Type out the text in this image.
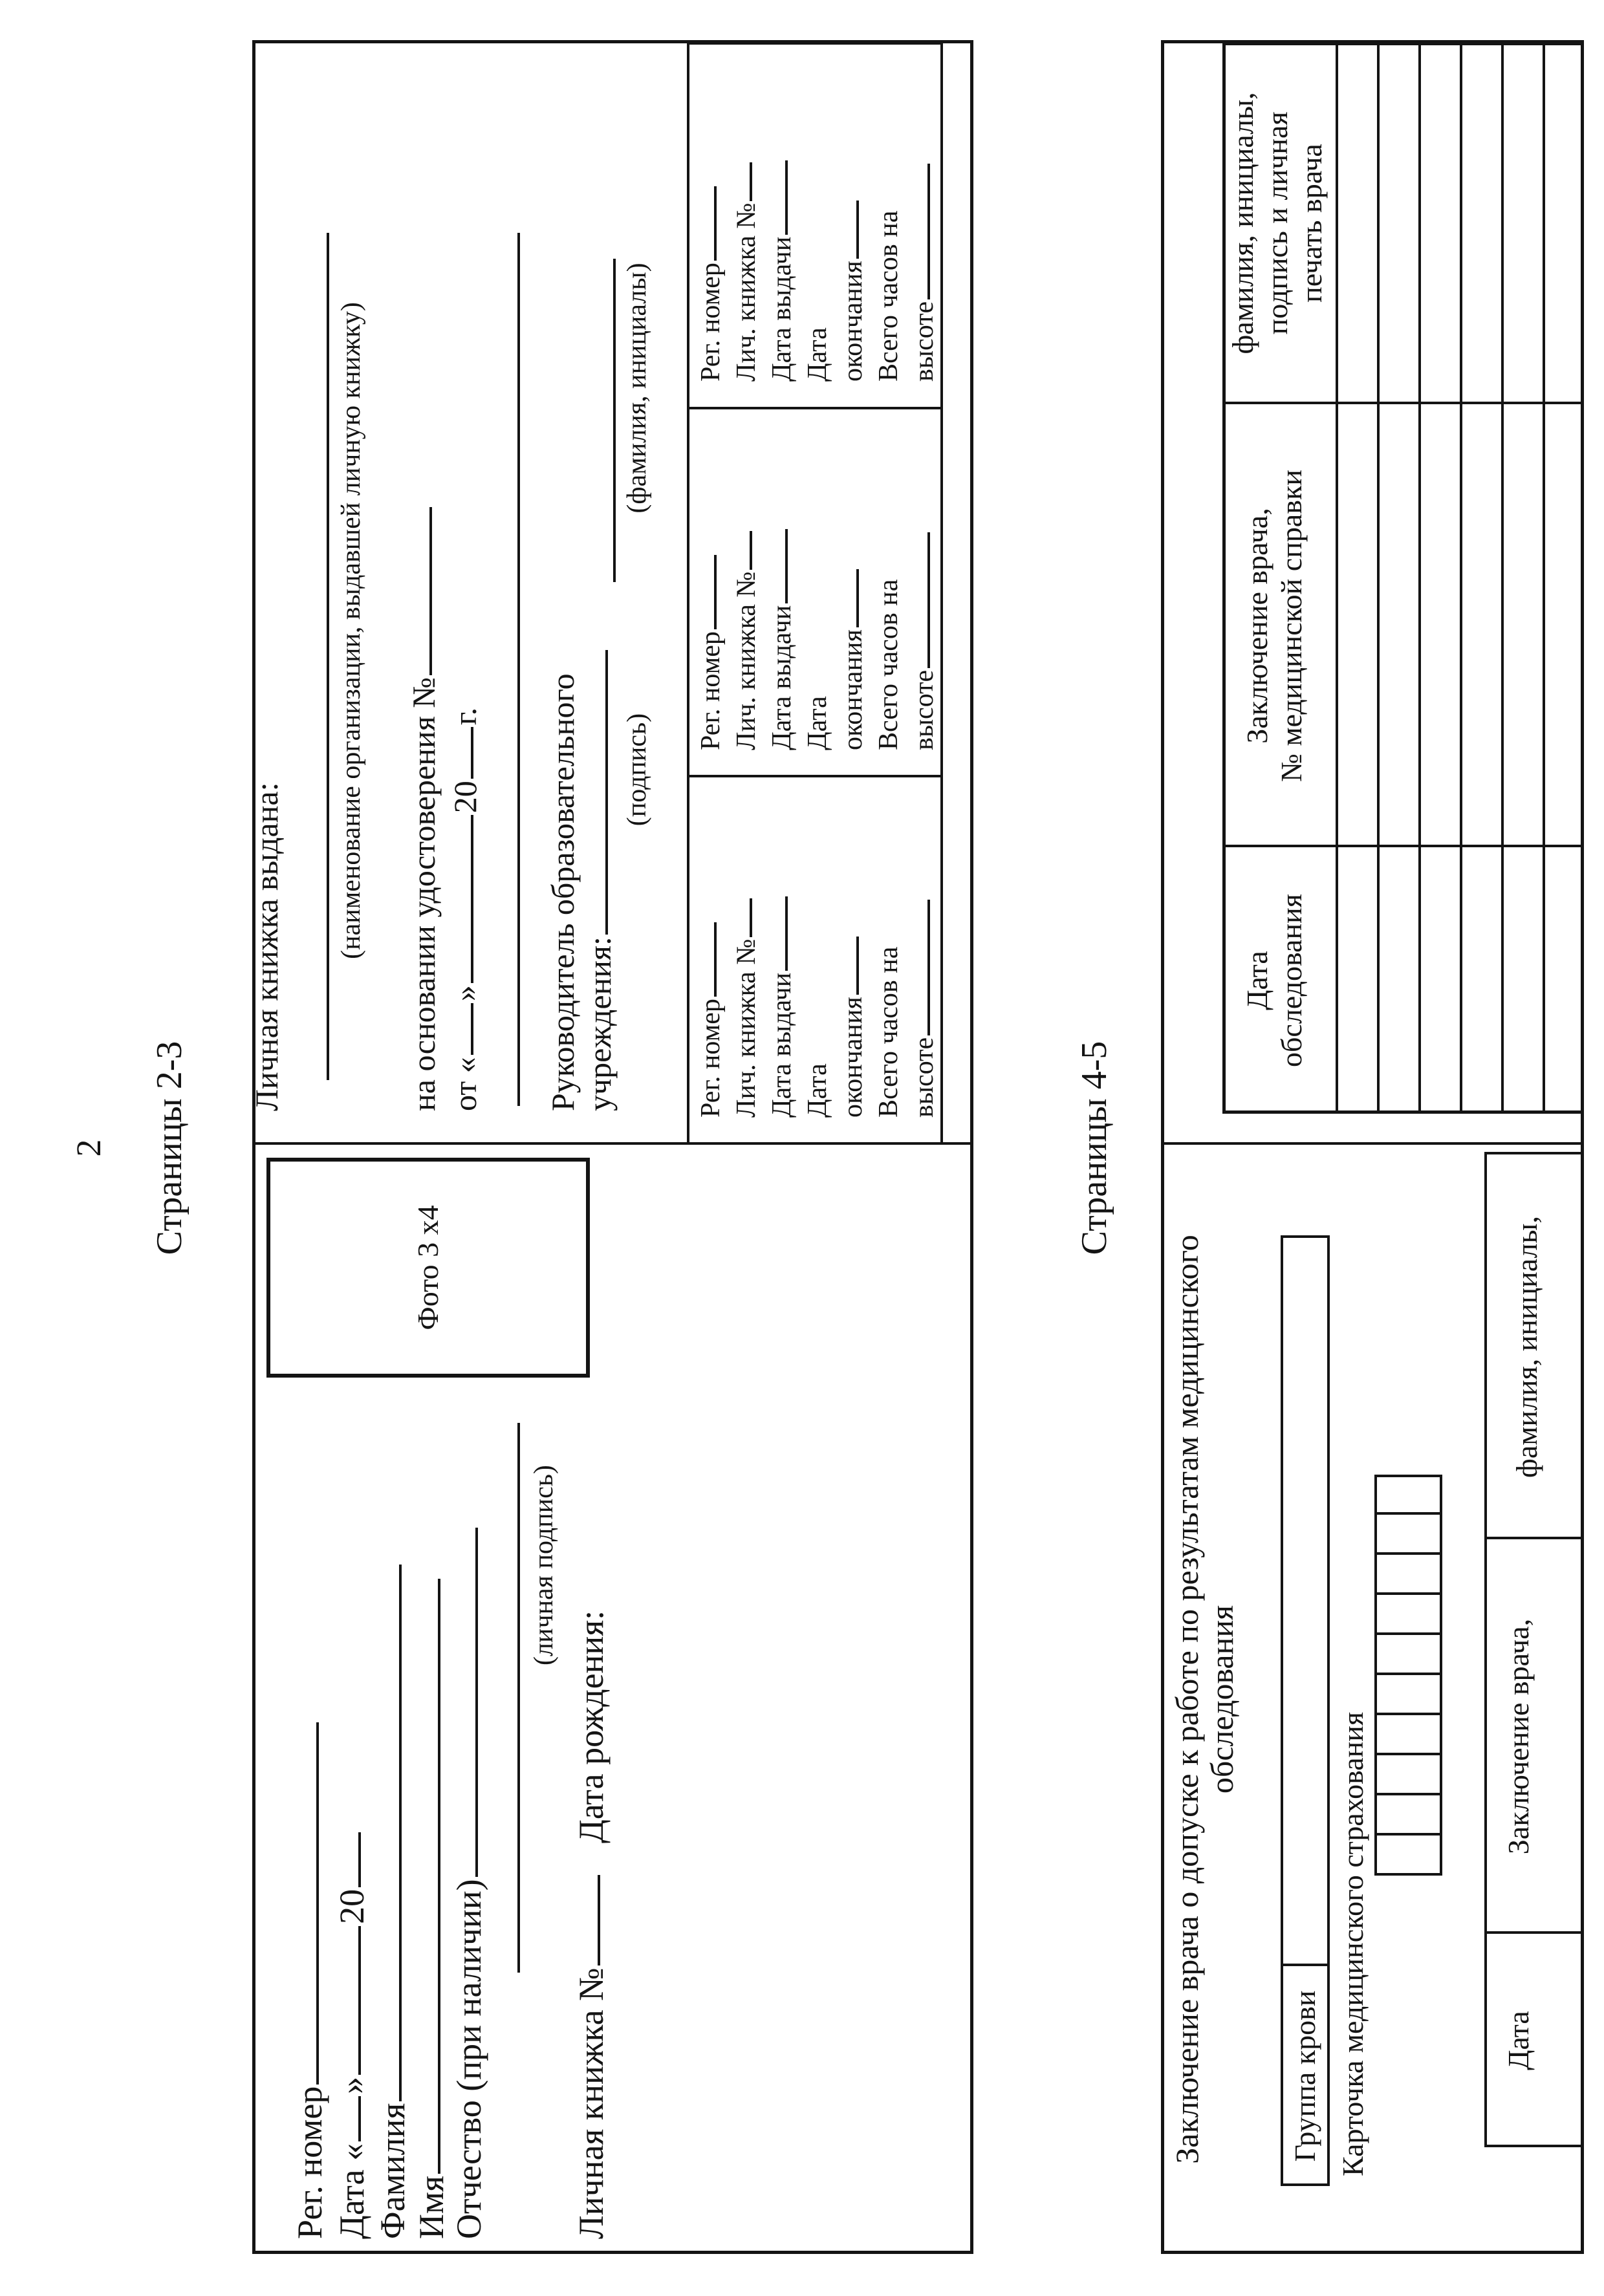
2 Страницы 2-3
Фото 3 х4
Рег. номер Дата «»20
Фамилия Имя
Отчество (при наличии)
(личная подпись)
Личная книжка №
Дата рождения:
Личная книжка выдана: (наименование организации, выдавшей личную книжку) на основании удостоверения № от «»20г. Руководитель образовательного учреждения:
(подпись)
(фамилия, инициалы)
Рег. номер Лич. книжка № Дата выдачи Дата окончания Всего часов на высоте
Рег. номер Лич. книжка № Дата выдачи Дата окончания Всего часов на высоте
Рег. номер Лич. книжка № Дата выдачи Дата окончания Всего часов на высоте
Страницы 4-5
Заключение врача о допуске к работе по результатам медицинского
обследования
Группа крови Карточка медицинского страхования	Дата
Заключение врача,
фамилия, инициалы,
Дата обследования
Заключение врача, № медицинской справки
фамилия, инициалы, подпись и личная печать врача
